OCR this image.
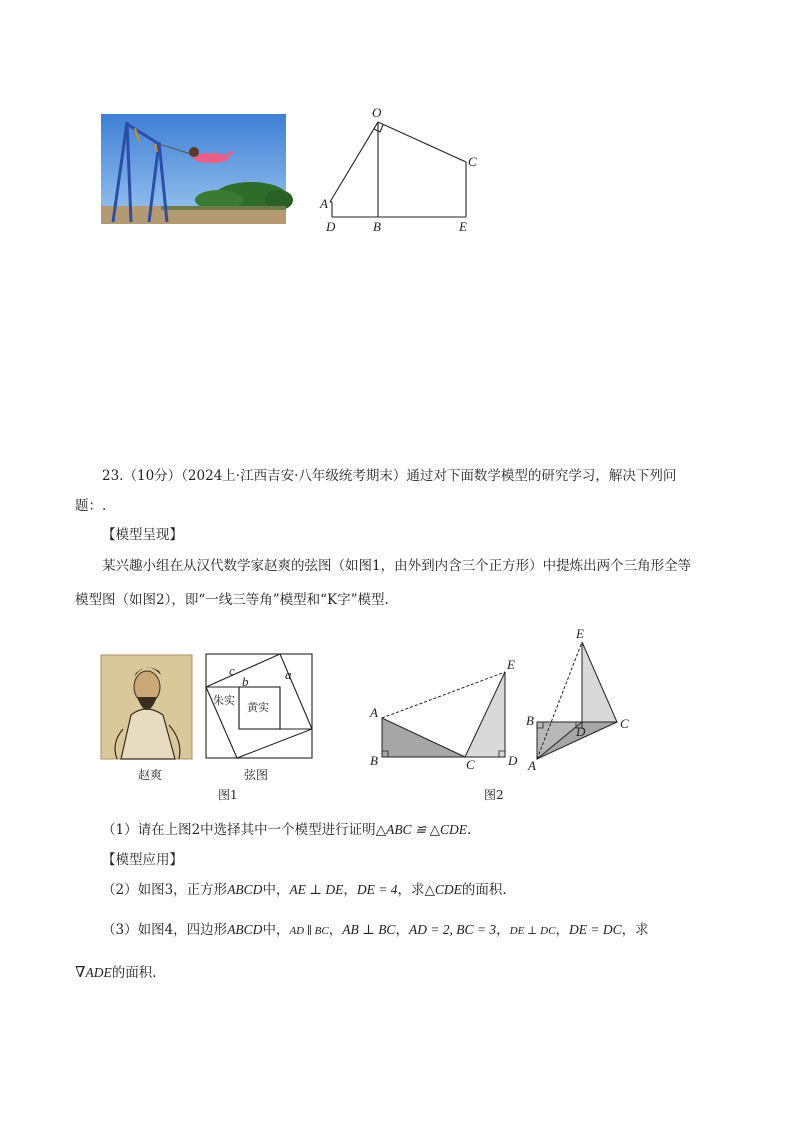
O
A
C
D	B	E
23.（10分）（2024上·江西吉安·八年级统考期末）通过对下面数学模型的研究学习，解决下列问
题：.
【模型呈现】
某兴趣小组在从汉代数学家赵爽的弦图（如图1，由外到内含三个正方形）中提炼出两个三角形全等
模型图（如图2），即“一线三等角”模型和“K字”模型.
c
b	a
朱实
黄实
赵爽	弦图
图1
A
B	C	D
E
E
B
D
C
A
图2
（1）请在上图2中选择其中一个模型进行证明△ABC ≌ △CDE.
【模型应用】
（2）如图3，正方形ABCD中，AE ⊥ DE，DE = 4，求△CDE的面积.
（3）如图4，四边形ABCD中，AD ∥ BC，AB ⊥ BC，AD = 2, BC = 3，DE ⊥ DC，DE = DC，求
∇ADE的面积.
